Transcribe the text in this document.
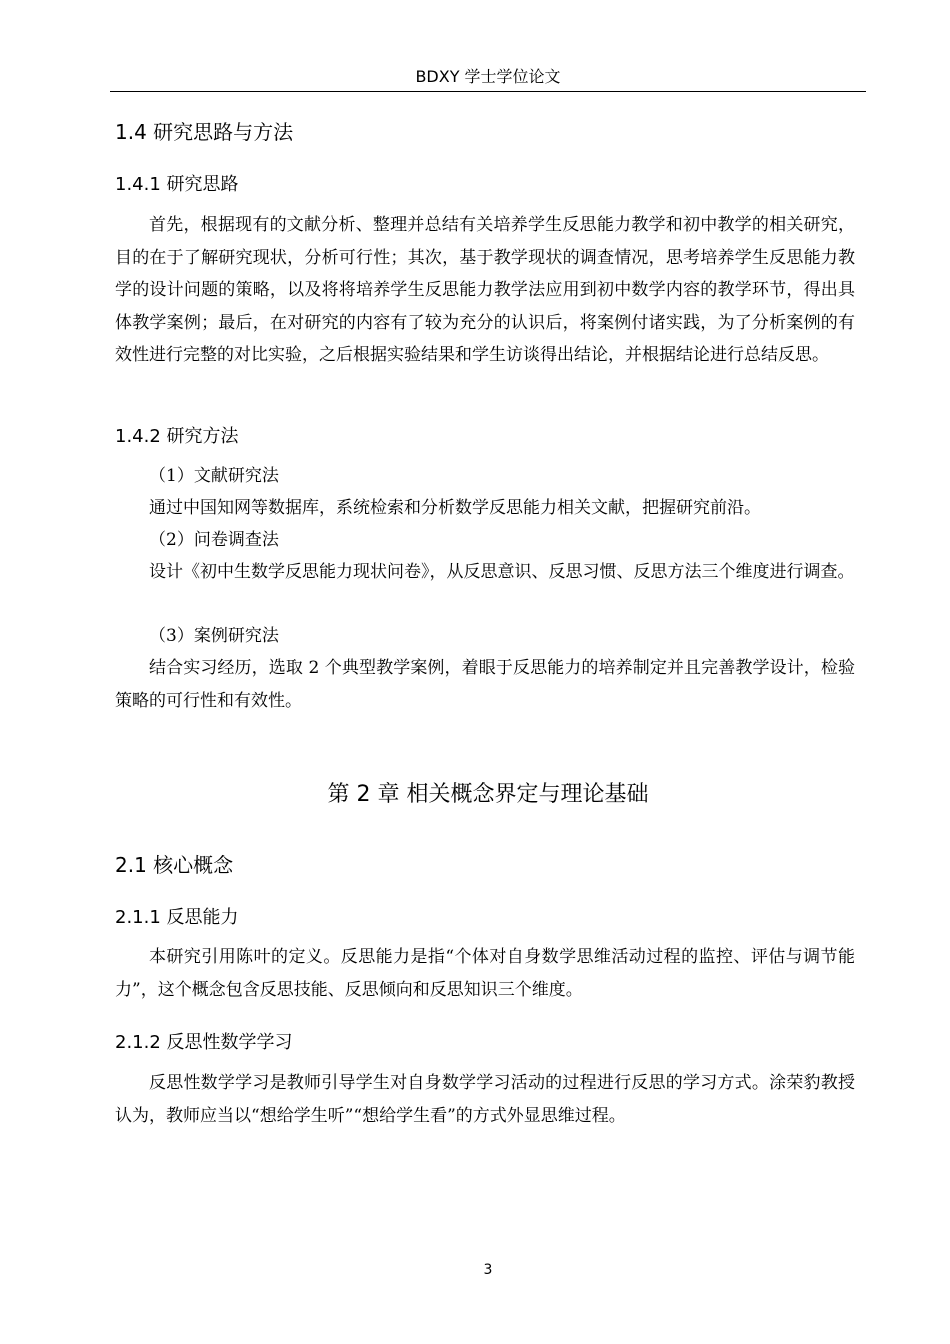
BDXY 学士学位论文
1.4 研究思路与方法
1.4.1 研究思路
首先，根据现有的文献分析、整理并总结有关培养学生反思能力教学和初中教学的相关研究，目的在于了解研究现状，分析可行性；其次，基于教学现状的调查情况，思考培养学生反思能力教学的设计问题的策略，以及将将培养学生反思能力教学法应用到初中数学内容的教学环节，得出具体教学案例；最后，在对研究的内容有了较为充分的认识后，将案例付诸实践，为了分析案例的有效性进行完整的对比实验，之后根据实验结果和学生访谈得出结论，并根据结论进行总结反思。
1.4.2 研究方法
（1）文献研究法
通过中国知网等数据库，系统检索和分析数学反思能力相关文献，把握研究前沿。
（2）问卷调查法
设计《初中生数学反思能力现状问卷》，从反思意识、反思习惯、反思方法三个维度进行调查。
（3）案例研究法
结合实习经历，选取 2 个典型教学案例，着眼于反思能力的培养制定并且完善教学设计，检验策略的可行性和有效性。
第 2 章 相关概念界定与理论基础
2.1 核心概念
2.1.1 反思能力
本研究引用陈叶的定义。反思能力是指“个体对自身数学思维活动过程的监控、评估与调节能力”，这个概念包含反思技能、反思倾向和反思知识三个维度。
2.1.2 反思性数学学习
反思性数学学习是教师引导学生对自身数学学习活动的过程进行反思的学习方式。涂荣豹教授认为，教师应当以“想给学生听”“想给学生看”的方式外显思维过程。
3
